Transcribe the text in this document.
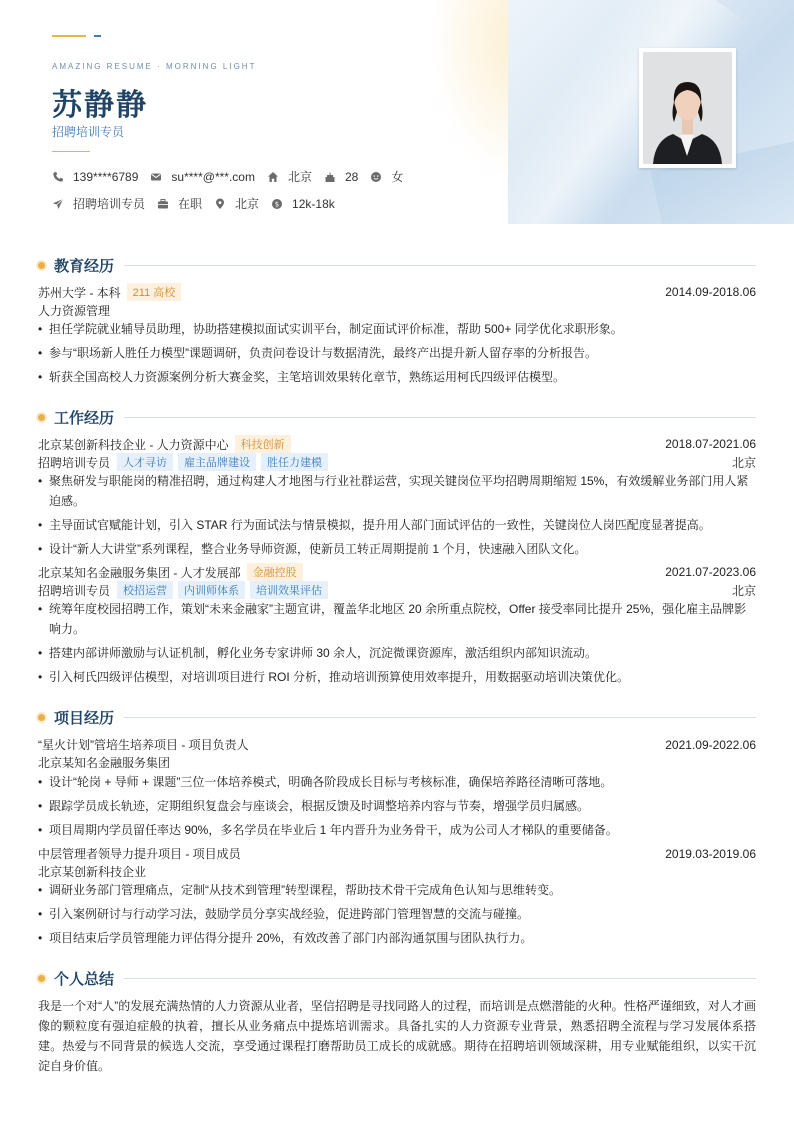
AMAZING RESUME · MORNING LIGHT
苏静静
招聘培训专员
139****6789	su****@***.com	北京	28	女
招聘培训专员	在职	北京 $ 12k-18k
教育经历
苏州大学 - 本科	211 高校	2014.09-2018.06
人力资源管理
• 担任学院就业辅导员助理，协助搭建模拟面试实训平台，制定面试评价标准，帮助 500+ 同学优化求职形象。
• 参与“职场新人胜任力模型”课题调研，负责问卷设计与数据清洗，最终产出提升新人留存率的分析报告。
• 斩获全国高校人力资源案例分析大赛金奖，主笔培训效果转化章节，熟练运用柯氏四级评估模型。
工作经历
北京某创新科技企业 - 人力资源中心	科技创新	2018.07-2021.06
招聘培训专员	人才寻访	雇主品牌建设	胜任力建模	北京
• 聚焦研发与职能岗的精准招聘，通过构建人才地图与行业社群运营，实现关键岗位平均招聘周期缩短 15%，有效缓解业务部门用人紧
迫感。
• 主导面试官赋能计划，引入 STAR 行为面试法与情景模拟，提升用人部门面试评估的一致性，关键岗位人岗匹配度显著提高。
• 设计“新人大讲堂”系列课程，整合业务导师资源，使新员工转正周期提前 1 个月，快速融入团队文化。
北京某知名金融服务集团 - 人才发展部	金融控股	2021.07-2023.06
招聘培训专员	校招运营	内训师体系	培训效果评估	北京
• 统筹年度校园招聘工作，策划“未来金融家”主题宣讲，覆盖华北地区 20 余所重点院校，Offer 接受率同比提升 25%，强化雇主品牌影
响力。
• 搭建内部讲师激励与认证机制，孵化业务专家讲师 30 余人，沉淀微课资源库，激活组织内部知识流动。
• 引入柯氏四级评估模型，对培训项目进行 ROI 分析，推动培训预算使用效率提升，用数据驱动培训决策优化。
项目经历
“星火计划”管培生培养项目 - 项目负责人	2021.09-2022.06
北京某知名金融服务集团
• 设计“轮岗 + 导师 + 课题”三位一体培养模式，明确各阶段成长目标与考核标准，确保培养路径清晰可落地。
• 跟踪学员成长轨迹，定期组织复盘会与座谈会，根据反馈及时调整培养内容与节奏，增强学员归属感。
• 项目周期内学员留任率达 90%，多名学员在毕业后 1 年内晋升为业务骨干，成为公司人才梯队的重要储备。
中层管理者领导力提升项目 - 项目成员	2019.03-2019.06
北京某创新科技企业
• 调研业务部门管理痛点，定制“从技术到管理”转型课程，帮助技术骨干完成角色认知与思维转变。
• 引入案例研讨与行动学习法，鼓励学员分享实战经验，促进跨部门管理智慧的交流与碰撞。
• 项目结束后学员管理能力评估得分提升 20%，有效改善了部门内部沟通氛围与团队执行力。
个人总结
我是一个对“人”的发展充满热情的人力资源从业者，坚信招聘是寻找同路人的过程，而培训是点燃潜能的火种。性格严谨细致，对人才画像的颗粒度有强迫症般的执着，擅长从业务痛点中提炼培训需求。具备扎实的人力资源专业背景，熟悉招聘全流程与学习发展体系搭建。热爱与不同背景的候选人交流，享受通过课程打磨帮助员工成长的成就感。期待在招聘培训领域深耕，用专业赋能组织，以实干沉淀自身价值。
